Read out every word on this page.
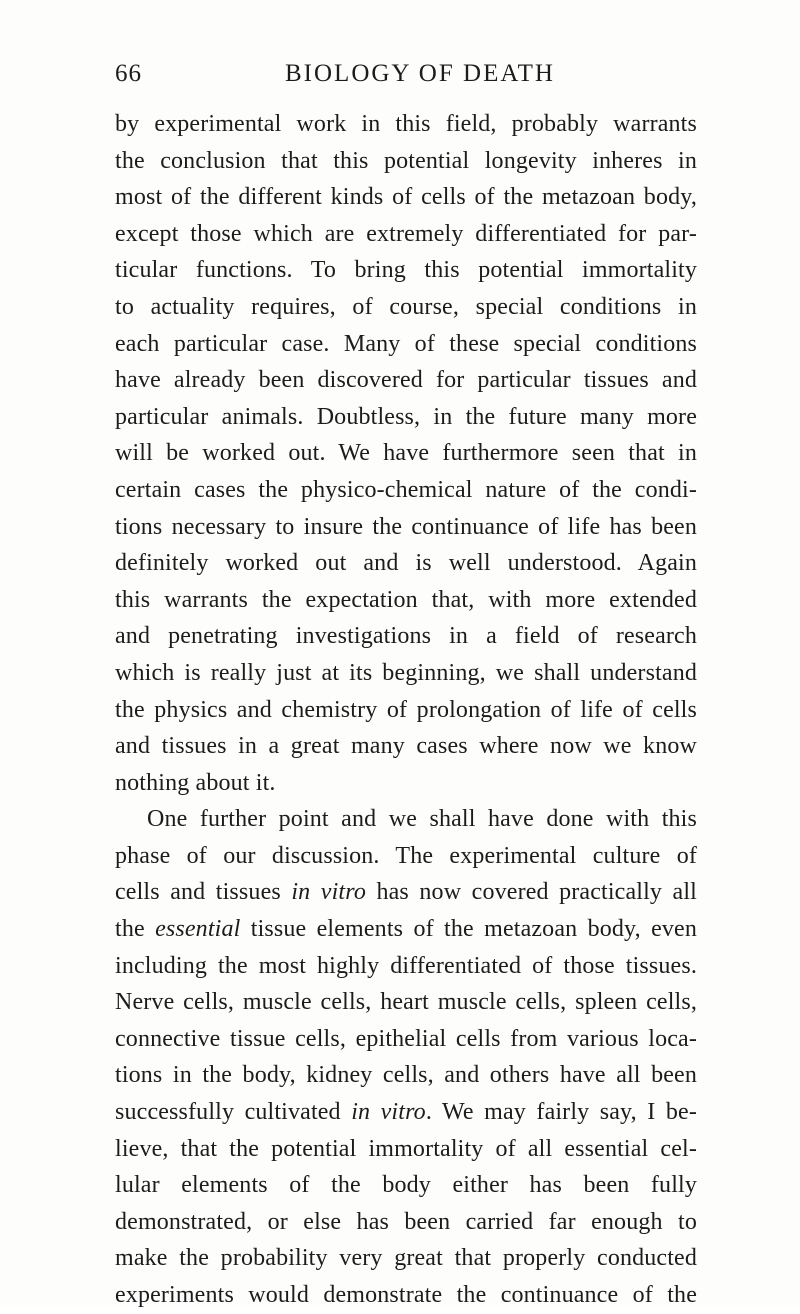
66	BIOLOGY OF DEATH
by experimental work in this field, probably warrants
the conclusion that this potential longevity inheres in
most of the different kinds of cells of the metazoan body,
except those which are extremely differentiated for par-
ticular functions. To bring this potential immortality
to actuality requires, of course, special conditions in
each particular case. Many of these special conditions
have already been discovered for particular tissues and
particular animals. Doubtless, in the future many more
will be worked out. We have furthermore seen that in
certain cases the physico-chemical nature of the condi-
tions necessary to insure the continuance of life has been
definitely worked out and is well understood. Again
this warrants the expectation that, with more extended
and penetrating investigations in a field of research
which is really just at its beginning, we shall understand
the physics and chemistry of prolongation of life of cells
and tissues in a great many cases where now we know
nothing about it.
One further point and we shall have done with this
phase of our discussion. The experimental culture of
cells and tissues in vitro has now covered practically all
the essential tissue elements of the metazoan body, even
including the most highly differentiated of those tissues.
Nerve cells, muscle cells, heart muscle cells, spleen cells,
connective tissue cells, epithelial cells from various loca-
tions in the body, kidney cells, and others have all been
successfully cultivated in vitro. We may fairly say, I be-
lieve, that the potential immortality of all essential cel-
lular elements of the body either has been fully
demonstrated, or else has been carried far enough to
make the probability very great that properly conducted
experiments would demonstrate the continuance of the
